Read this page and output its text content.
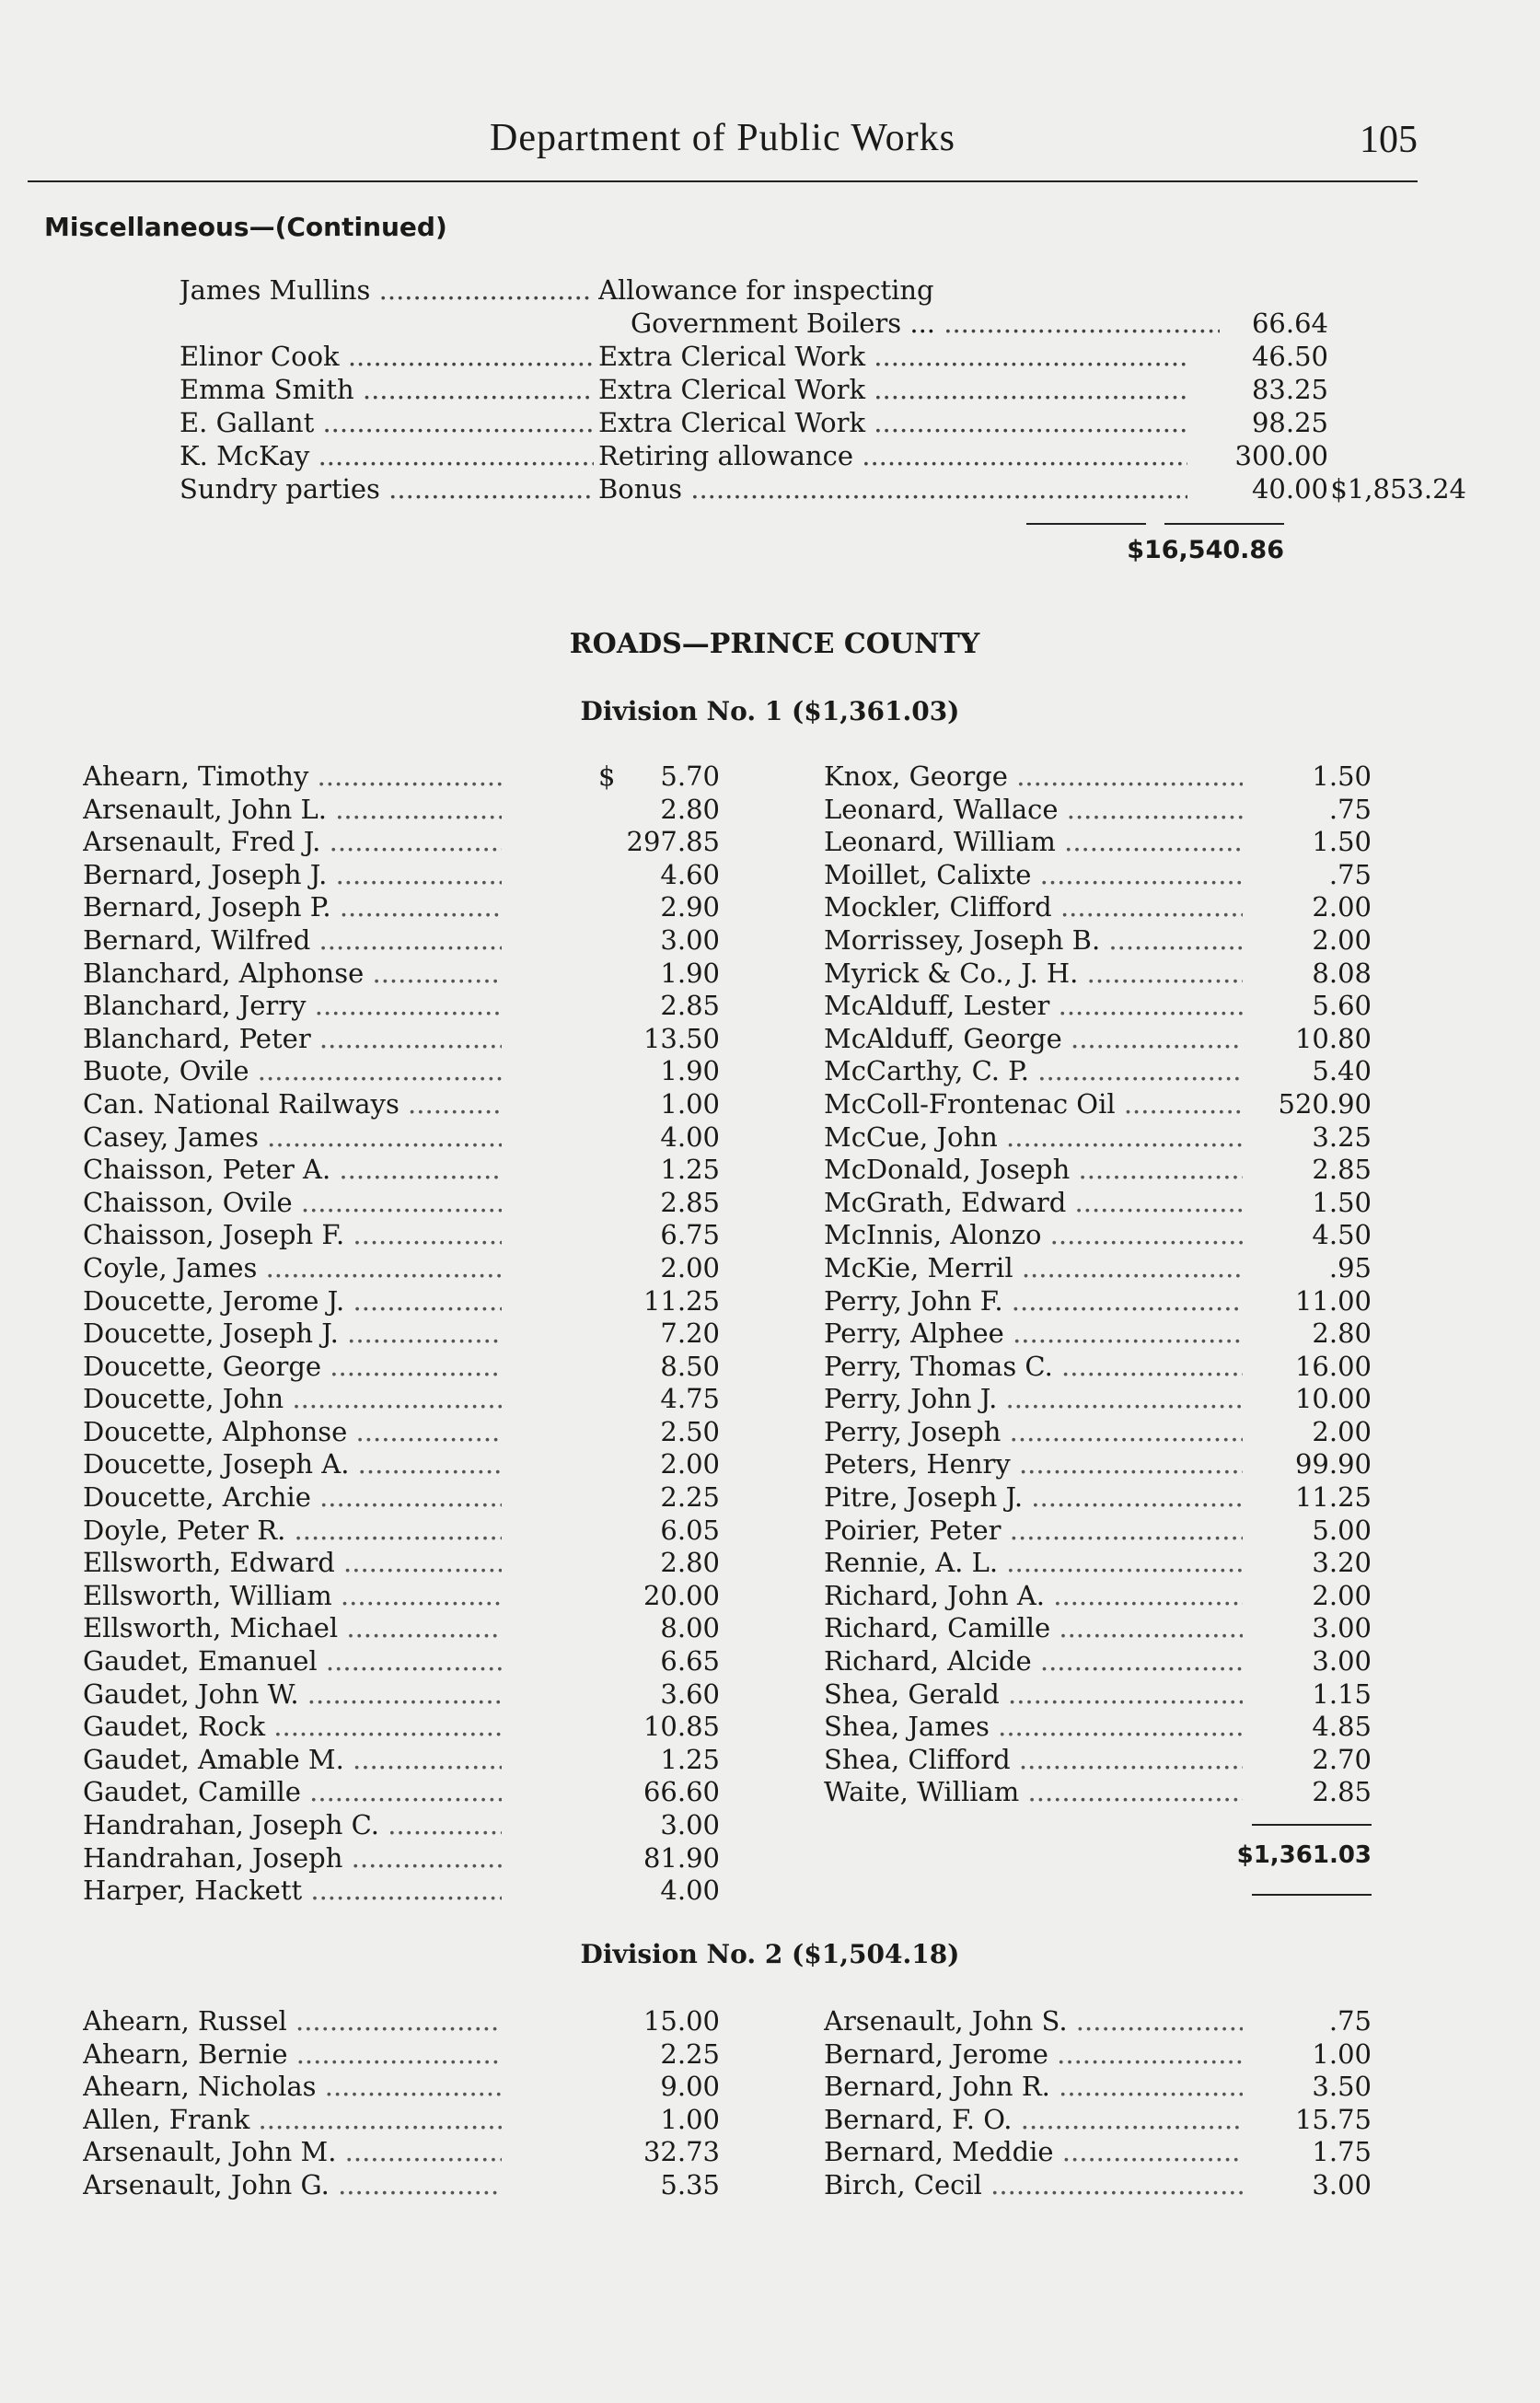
Department of Public Works	105
Miscellaneous—(Continued)
James Mullins .....	Allowance for inspecting
Government Boilers ... .....	66.64
Elinor Cook .....	Extra Clerical Work .....	46.50
Emma Smith .....	Extra Clerical Work .....	83.25
E. Gallant .....	Extra Clerical Work .....	98.25
K. McKay .....	Retiring allowance .....	300.00
Sundry parties .....	Bonus .....	40.00 $1,853.24
$16,540.86
ROADS—PRINCE COUNTY
Division No. 1 ($1,361.03)
Ahearn, Timothy .....	$	5.70
Arsenault, John L. .....	2.80
Arsenault, Fred J. .....	297.85
Bernard, Joseph J. .....	4.60
Bernard, Joseph P. .....	2.90
Bernard, Wilfred .....	3.00
Blanchard, Alphonse .....	1.90
Blanchard, Jerry .....	2.85
Blanchard, Peter .....	13.50
Buote, Ovile .....	1.90
Can. National Railways .....	1.00
Casey, James .....	4.00
Chaisson, Peter A. .....	1.25
Chaisson, Ovile .....	2.85
Chaisson, Joseph F. .....	6.75
Coyle, James .....	2.00
Doucette, Jerome J. .....	11.25
Doucette, Joseph J. .....	7.20
Doucette, George .....	8.50
Doucette, John .....	4.75
Doucette, Alphonse .....	2.50
Doucette, Joseph A. .....	2.00
Doucette, Archie .....	2.25
Doyle, Peter R. .....	6.05
Ellsworth, Edward .....	2.80
Ellsworth, William .....	20.00
Ellsworth, Michael .....	8.00
Gaudet, Emanuel .....	6.65
Gaudet, John W. .....	3.60
Gaudet, Rock .....	10.85
Gaudet, Amable M. .....	1.25
Gaudet, Camille .....	66.60
Handrahan, Joseph C. .....	3.00
Handrahan, Joseph .....	81.90
Harper, Hackett .....	4.00
Knox, George .....	1.50
Leonard, Wallace .....	.75
Leonard, William .....	1.50
Moillet, Calixte .....	.75
Mockler, Clifford .....	2.00
Morrissey, Joseph B. .....	2.00
Myrick & Co., J. H. .....	8.08
McAlduff, Lester .....	5.60
McAlduff, George .....	10.80
McCarthy, C. P. .....	5.40
McColl-Frontenac Oil .....	520.90
McCue, John .....	3.25
McDonald, Joseph .....	2.85
McGrath, Edward .....	1.50
McInnis, Alonzo .....	4.50
McKie, Merril .....	.95
Perry, John F. .....	11.00
Perry, Alphee .....	2.80
Perry, Thomas C. .....	16.00
Perry, John J. .....	10.00
Perry, Joseph .....	2.00
Peters, Henry .....	99.90
Pitre, Joseph J. .....	11.25
Poirier, Peter .....	5.00
Rennie, A. L. .....	3.20
Richard, John A. .....	2.00
Richard, Camille .....	3.00
Richard, Alcide .....	3.00
Shea, Gerald .....	1.15
Shea, James .....	4.85
Shea, Clifford .....	2.70
Waite, William .....	2.85
$1,361.03
Division No. 2 ($1,504.18)
Ahearn, Russel .....	15.00
Ahearn, Bernie .....	2.25
Ahearn, Nicholas .....	9.00
Allen, Frank .....	1.00
Arsenault, John M. .....	32.73
Arsenault, John G. .....	5.35
Arsenault, John S. .....	.75
Bernard, Jerome .....	1.00
Bernard, John R. .....	3.50
Bernard, F. O. .....	15.75
Bernard, Meddie .....	1.75
Birch, Cecil .....	3.00
